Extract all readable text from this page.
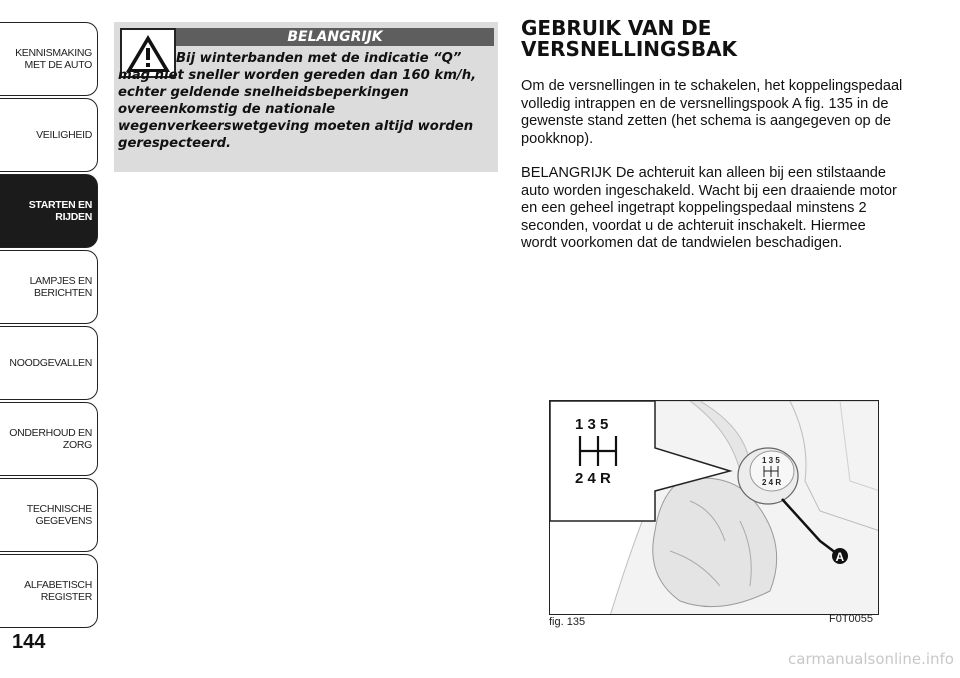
KENNISMAKING
MET DE AUTO
VEILIGHEID
STARTEN EN
RIJDEN
LAMPJES EN
BERICHTEN
NOODGEVALLEN
ONDERHOUD EN
ZORG
TECHNISCHE
GEGEVENS
ALFABETISCH
REGISTER
144
BELANGRIJK
Bij winterbanden met de indicatie “Q” mag niet sneller worden gereden dan 160 km/h, echter geldende snelheidsbeperkingen overeenkomstig de nationale wegenverkeerswetgeving moeten altijd worden gerespecteerd.
GEBRUIK VAN DE VERSNELLINGSBAK
Om de versnellingen in te schakelen, het koppelingspedaal volledig intrappen en de versnellingspook A fig. 135 in de gewenste stand zetten (het schema is aangegeven op de pookknop).
BELANGRIJK De achteruit kan alleen bij een stilstaande auto worden ingeschakeld. Wacht bij een draaiende motor en een geheel ingetrapt koppelingspedaal minstens 2 seconden, voordat u de achteruit inschakelt. Hiermee wordt voorkomen dat de tandwielen beschadigen.
1 3 5
2 4 R
1 3 5
2 4 R
A
fig. 135	F0T0055
carmanualsonline.info
